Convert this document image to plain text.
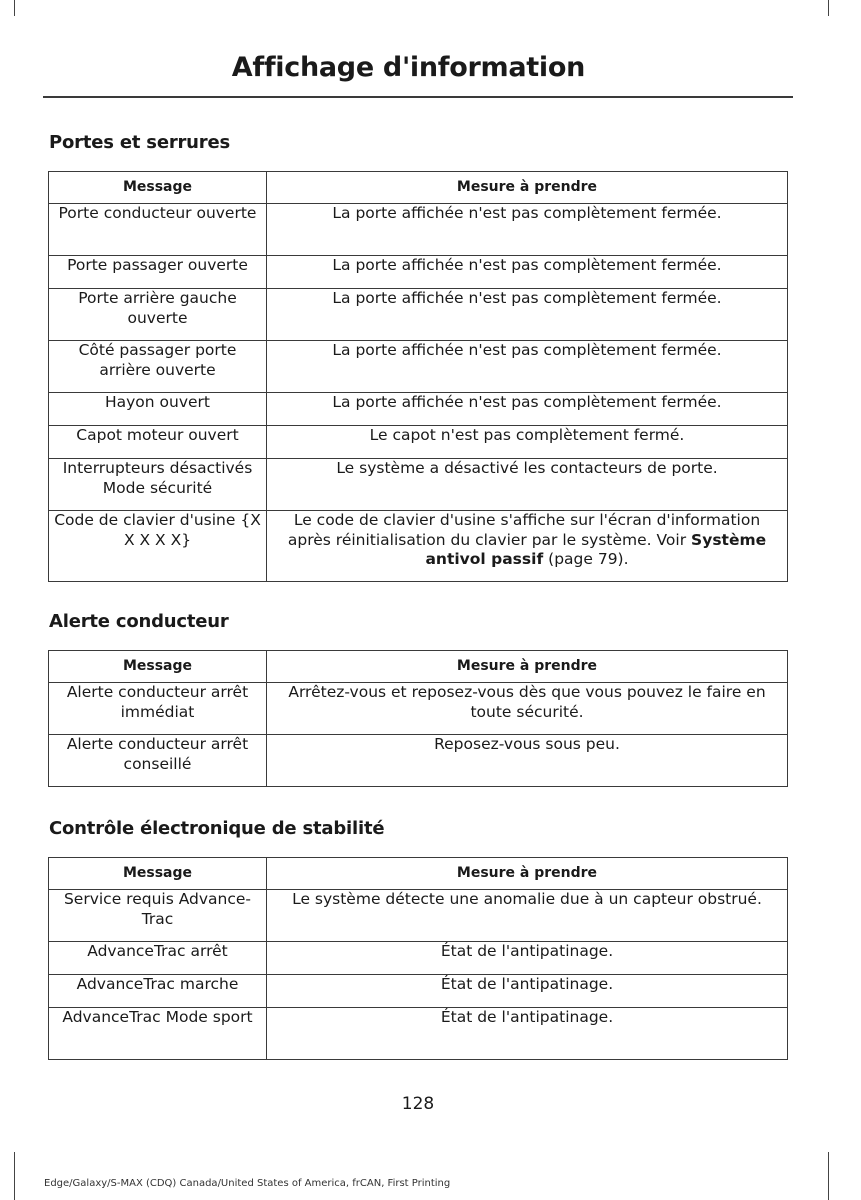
Affichage d'information
Portes et serrures
Message	Mesure à prendre
Porte conducteur ouverte	La porte affichée n'est pas complètement fermée.
Porte passager ouverte	La porte affichée n'est pas complètement fermée.
Porte arrière gauche ouverte	La porte affichée n'est pas complètement fermée.
Côté passager porte arrière ouverte	La porte affichée n'est pas complètement fermée.
Hayon ouvert	La porte affichée n'est pas complètement fermée.
Capot moteur ouvert	Le capot n'est pas complètement fermé.
Interrupteurs désactivés Mode sécurité	Le système a désactivé les contacteurs de porte.
Code de clavier d'usine {X X X X X}	Le code de clavier d'usine s'affiche sur l'écran d'information après réinitialisation du clavier par le système. Voir Système antivol passif (page 79).
Alerte conducteur
Message	Mesure à prendre
Alerte conducteur arrêt immédiat	Arrêtez-vous et reposez-vous dès que vous pouvez le faire en toute sécurité.
Alerte conducteur arrêt conseillé	Reposez-vous sous peu.
Contrôle électronique de stabilité
Message	Mesure à prendre
Service requis Advance-Trac	Le système détecte une anomalie due à un capteur obstrué.
AdvanceTrac arrêt	État de l'antipatinage.
AdvanceTrac marche	État de l'antipatinage.
AdvanceTrac Mode sport	État de l'antipatinage.
128
Edge/Galaxy/S-MAX (CDQ) Canada/United States of America, frCAN, First Printing
